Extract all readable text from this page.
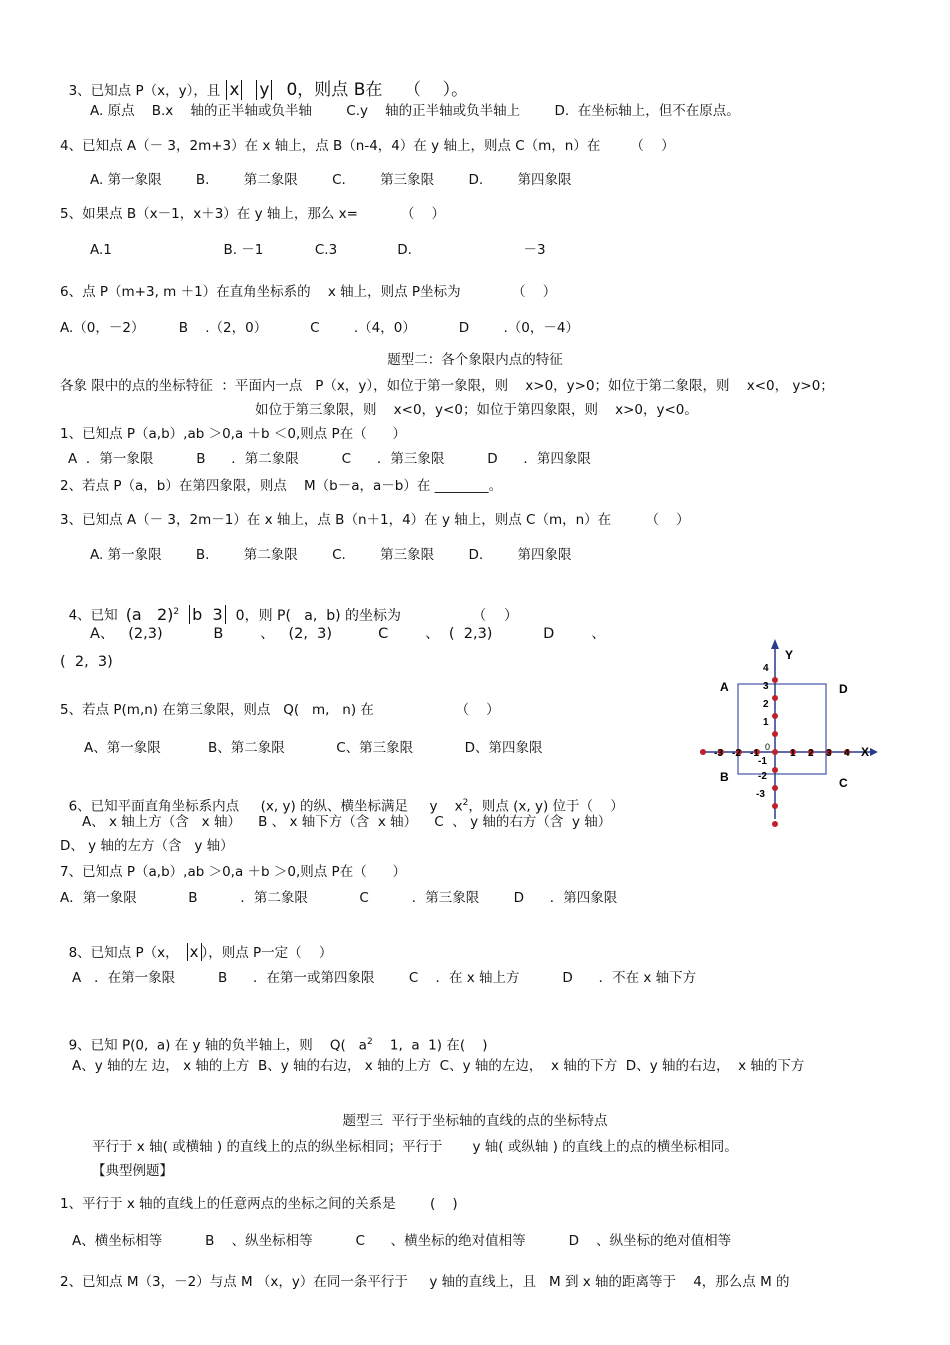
3、已知点 P（x，y），且 x y 0，则点 B在    （    ）。

A. 原点    B.x    轴的正半轴或负半轴        C.y    轴的正半轴或负半轴上        D.  在坐标轴上，但不在原点。
4、已知点 A（－ 3，2m+3）在 x 轴上，点 B（n-4，4）在 y 轴上，则点 C（m，n）在       （    ）
A. 第一象限        B.        第二象限        C.        第三象限        D.        第四象限
5、如果点 B（x－1，x＋3）在 y 轴上，那么 x=          （    ）
A.1                          B. －1            C.3              D.                          －3
6、点 P（m+3, m ＋1）在直角坐标系的    x 轴上，则点 P坐标为            （    ）
A.（0，－2）        B    .（2，0）          C        .（4，0）          D        .（0，－4）
题型二：各个象限内点的特征
各象 限中的点的坐标特征  ：平面内一点   P（x，y），如位于第一象限，则    x>0，y>0；如位于第二象限，则    x<0， y>0；
如位于第三象限，则    x<0，y<0；如位于第四象限，则    x>0，y<0。
1、已知点 P（a,b）,ab ＞0,a ＋b ＜0,则点 P在（      ）
A  ．第一象限          B      ．第二象限          C      ．第三象限          D      ．第四象限
2、若点 P（a，b）在第四象限，则点    M（b－a，a－b）在 ________。
3、已知点 A（－ 3，2m－1）在 x 轴上，点 B（n＋1，4）在 y 轴上，则点 C（m，n）在        （    ）
A. 第一象限        B.        第二象限        C.        第三象限        D.        第四象限

4、已知 (a   2)$^2$ b  3 0，则 P(   a,  b) 的坐标为                （    ）

A、   (2,3)           B        、   (2,  3)          C        、  (  2,3)           D        、
(  2,  3)
5、若点 P(m,n) 在第三象限，则点   Q(   m,   n) 在                   （    ）
A、第一象限           B、第二象限            C、第三象限            D、第四象限

6、已知平面直角坐标系内点     (x, y) 的纵、横坐标满足     y    $x^2$，则点 (x, y) 位于（    ）

A、 x 轴上方（含   x 轴）    B 、 x 轴下方（含  x 轴）    C  、 y 轴的右方（含  y 轴）
D、 y 轴的左方（含   y 轴）
7、已知点 P（a,b）,ab ＞0,a ＋b ＞0,则点 P在（      ）
A．第一象限            B          ．第二象限            C          ．第三象限        D      ．第四象限

8、已知点 P（x， x ），则点 P一定（    ）

A   ．在第一象限          B      ．在第一或第四象限        C    ．在 x 轴上方          D      ．不在 x 轴下方

9、已知 P(0,  a) 在 y 轴的负半轴上，则    Q(   $a^2$    1,  a  1) 在(    )

A、y 轴的左 边， x 轴的上方  B、y 轴的右边， x 轴的上方  C、y 轴的左边，  x 轴的下方  D、y 轴的右边，  x 轴的下方
题型三  平行于坐标轴的直线的点的坐标特点
平行于 x 轴( 或横轴 ) 的直线上的点的纵坐标相同；平行于       y 轴( 或纵轴 ) 的直线上的点的横坐标相同。
【典型例题】
1、平行于 x 轴的直线上的任意两点的坐标之间的关系是        (    )
A、横坐标相等          B    、纵坐标相等          C      、横坐标的绝对值相等          D    、纵坐标的绝对值相等
2、已知点 M（3，－2）与点 M （x，y）在同一条平行于     y 轴的直线上，且   M 到 x 轴的距离等于    4，那么点 M 的
X
Y
A	D
B	C
0
-3 -2 -1	1 2 3 4
4
3
2
1
-1
-2
-3
